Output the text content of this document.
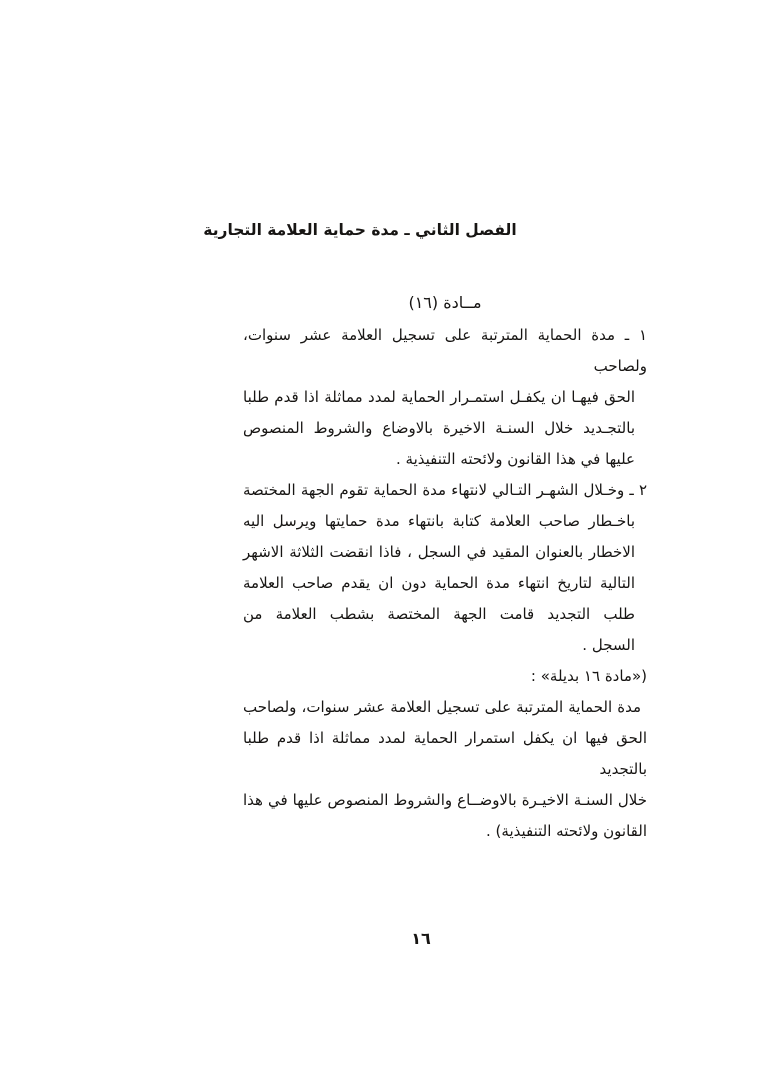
الفصل الثاني ـ مدة حماية العلامة التجارية
مــادة (١٦)
١ ـ مدة الحماية المترتبة على تسجيل العلامة عشر سنوات، ولصاحب
الحق فيهـا ان يكفـل استمـرار الحماية لمدد مماثلة اذا قدم طلبا
بالتجـديد خلال السنـة الاخيرة بالاوضاع والشروط المنصوص
عليها في هذا القانون ولائحته التنفيذية .
٢ ـ وخـلال الشهـر التـالي لانتهاء مدة الحماية تقوم الجهة المختصة
باخـطار صاحب العلامة كتابة بانتهاء مدة حمايتها ويرسل اليه
الاخطار بالعنوان المقيد في السجل ، فاذا انقضت الثلاثة الاشهر
التالية لتاريخ انتهاء مدة الحماية دون ان يقدم صاحب العلامة
طلب التجديد قامت الجهة المختصة بشطب العلامة من
السجل .
(«مادة ١٦ بديلة» :
مدة الحماية المترتبة على تسجيل العلامة عشر سنوات، ولصاحب
الحق فيها ان يكفل استمرار الحماية لمدد مماثلة اذا قدم طلبا بالتجديد
خلال السنـة الاخيـرة بالاوضــاع والشروط المنصوص عليها في هذا
القانون ولائحته التنفيذية) .
١٦
